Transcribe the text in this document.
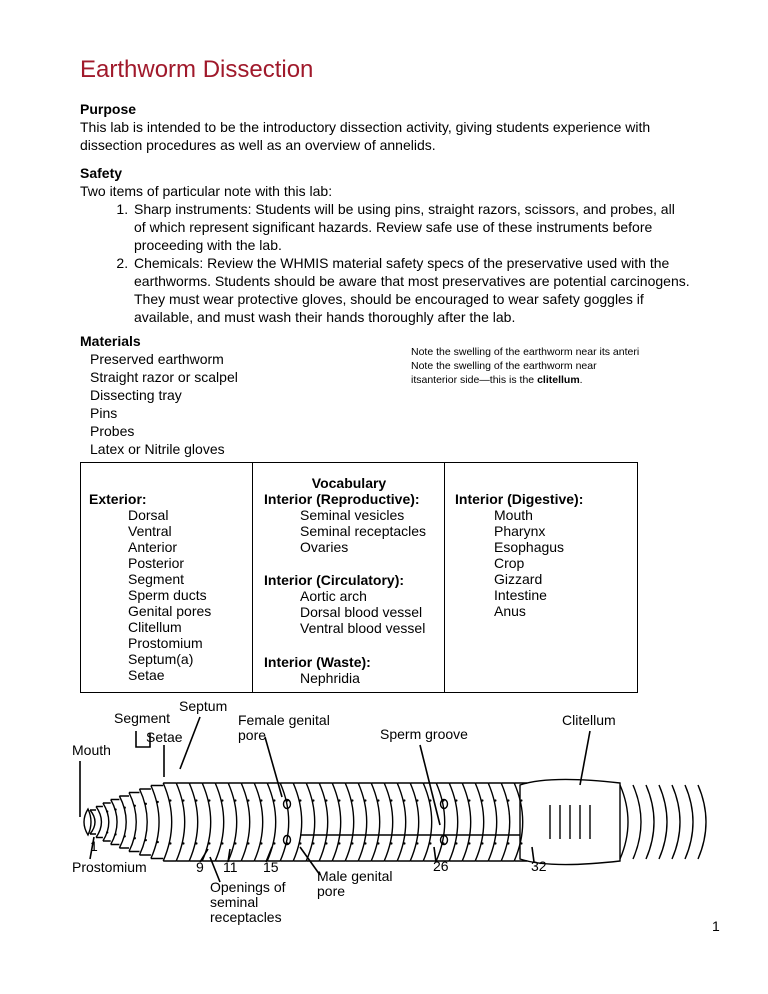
Earthworm Dissection

Purpose

This lab is intended to be the introductory dissection activity, giving students experience with dissection procedures as well as an overview of annelids.

Safety

Two items of particular note with this lab:

1. Sharp instruments: Students will be using pins, straight razors, scissors, and probes, all of which represent significant hazards. Review safe use of these instruments before proceeding with the lab.
2. Chemicals: Review the WHMIS material safety specs of the preservative used with the earthworms. Students should be aware that most preservatives are potential carcinogens. They must wear protective gloves, should be encouraged to wear safety goggles if available, and must wash their hands thoroughly after the lab.

Materials

Preserved earthworm
Straight razor or scalpel
Dissecting tray
Pins
Probes
Latex or Nitrile gloves

Note the swelling of the earthworm near its anteri

Note the swelling of the earthworm near

itsanterior side—this is the clitellum.

Exterior:
Dorsal
Ventral
Anterior
Posterior
Segment
Sperm ducts
Genital pores
Clitellum
Prostomium
Septum(a)
Setae
Vocabulary
Interior (Reproductive):
Seminal vesicles
Seminal receptacles
Ovaries
Interior (Circulatory):
Aortic arch
Dorsal blood vessel
Ventral blood vessel
Interior (Waste):
Nephridia
Interior (Digestive):
Mouth
Pharynx
Esophagus
Crop
Gizzard
Intestine
Anus
Segment
Septum
Setae
Mouth
Female genital pore	Sperm groove
Clitellum
1
Prostomium	9 11 15
Male genital pore
26	32
Openings of seminal receptacles
1
